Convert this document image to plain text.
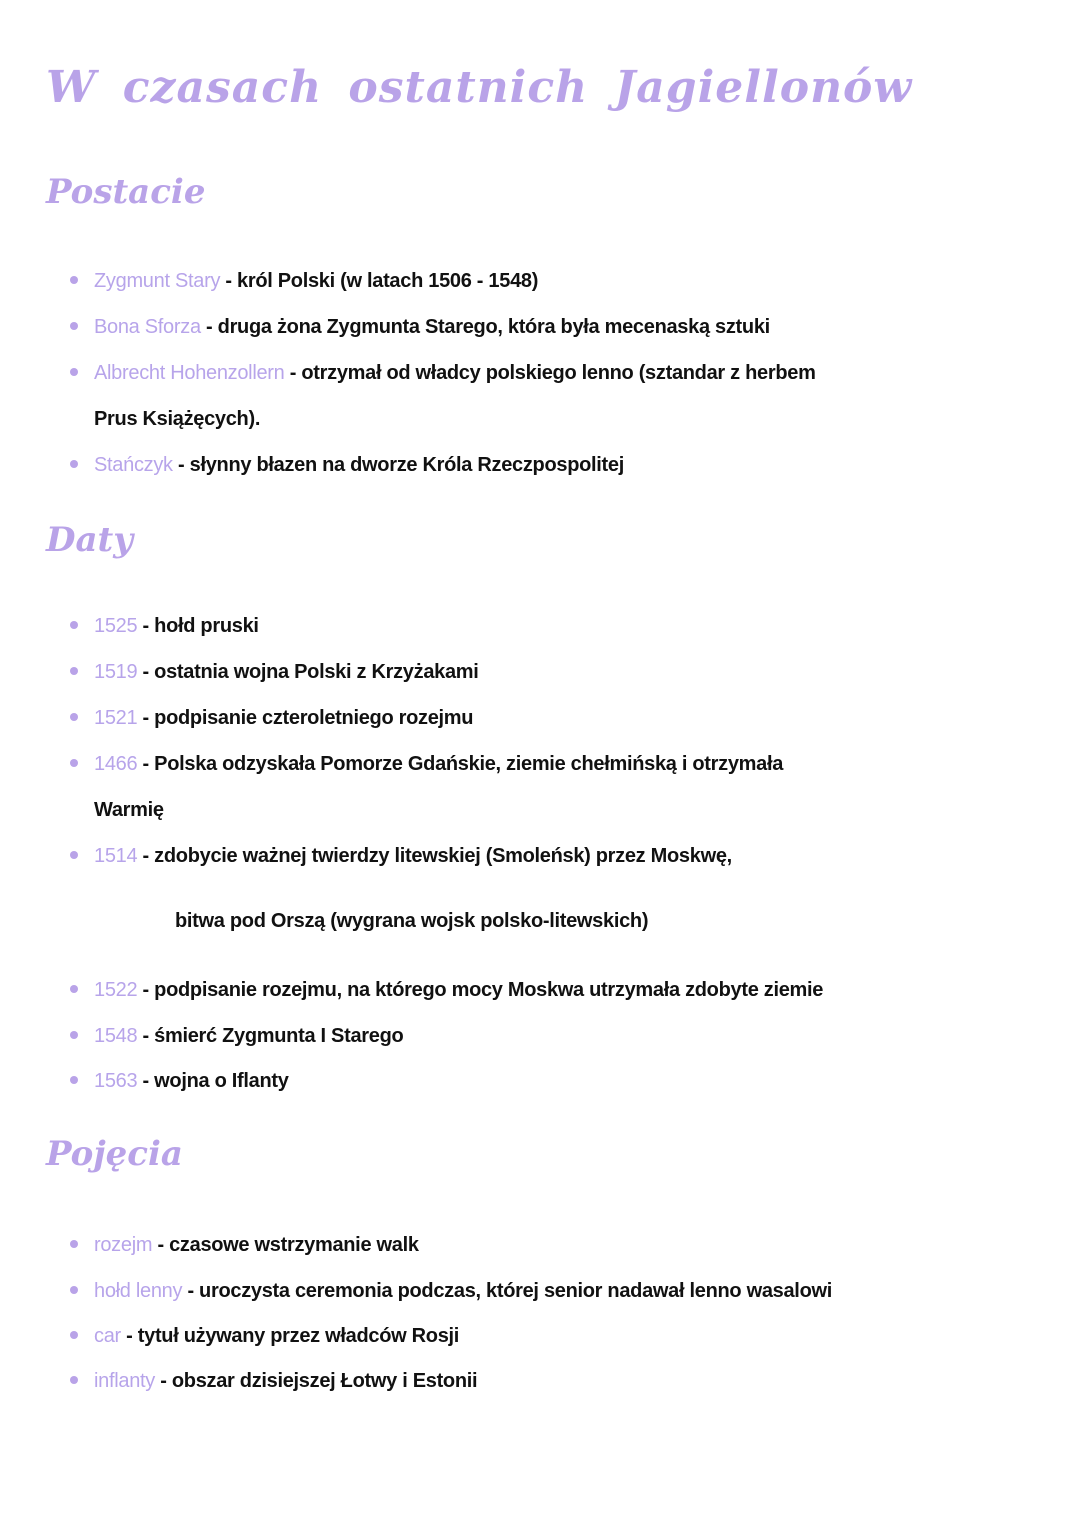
W czasach ostatnich Jagiellonów
Postacie
Zygmunt Stary - król Polski (w latach 1506 - 1548)
Bona Sforza - druga żona Zygmunta Starego, która była mecenaską sztuki
Albrecht Hohenzollern - otrzymał od władcy polskiego lenno (sztandar z herbem
Prus Książęcych).
Stańczyk - słynny błazen na dworze Króla Rzeczpospolitej
Daty
1525 - hołd pruski
1519 - ostatnia wojna Polski z Krzyżakami
1521 - podpisanie czteroletniego rozejmu
1466 - Polska odzyskała Pomorze Gdańskie, ziemie chełmińską i otrzymała
Warmię
1514 - zdobycie ważnej twierdzy litewskiej (Smoleńsk) przez Moskwę,
bitwa pod Orszą (wygrana wojsk polsko-litewskich)
1522 - podpisanie rozejmu, na którego mocy Moskwa utrzymała zdobyte ziemie
1548 - śmierć Zygmunta I Starego
1563 - wojna o Iflanty
Pojęcia
rozejm - czasowe wstrzymanie walk
hołd lenny - uroczysta ceremonia podczas, której senior nadawał lenno wasalowi
car - tytuł używany przez władców Rosji
inflanty - obszar dzisiejszej Łotwy i Estonii
